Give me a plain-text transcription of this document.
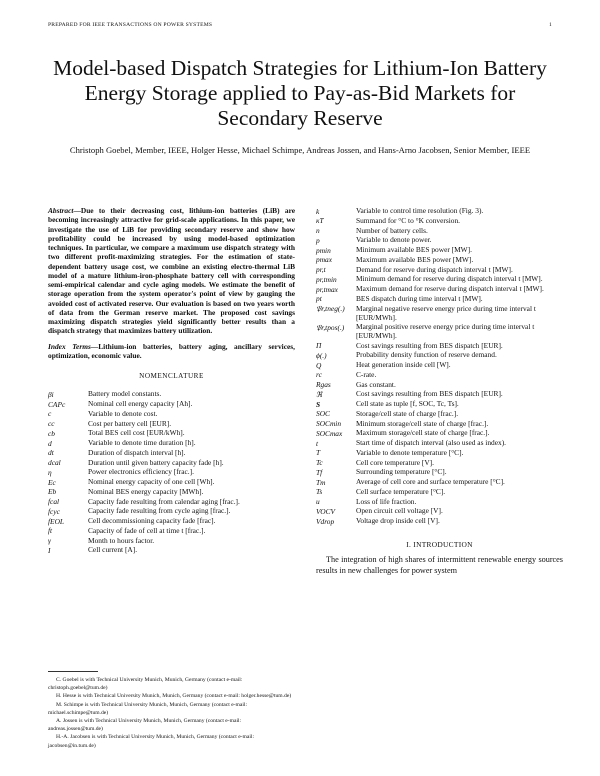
PREPARED FOR IEEE TRANSACTIONS ON POWER SYSTEMS	1
Model-based Dispatch Strategies for Lithium-Ion Battery Energy Storage applied to Pay-as-Bid Markets for Secondary Reserve
Christoph Goebel, Member, IEEE, Holger Hesse, Michael Schimpe, Andreas Jossen, and Hans-Arno Jacobsen, Senior Member, IEEE
Abstract—Due to their decreasing cost, lithium-ion batteries (LiB) are becoming increasingly attractive for grid-scale applications. In this paper, we investigate the use of LiB for providing secondary reserve and show how profitability could be increased by using model-based optimization techniques. In particular, we compare a maximum use dispatch strategy with two different profit-maximizing strategies. For the estimation of state-dependent battery usage cost, we combine an existing electro-thermal LiB model of a mature lithium-iron-phosphate battery cell with corresponding semi-empirical calendar and cycle aging models. We estimate the benefit of storage operation from the system operator's point of view by gauging the avoided cost of activated reserve. Our evaluation is based on two years worth of data from the German reserve market. The proposed cost savings maximizing dispatch strategies yield significantly better results than a dispatch strategy that maximizes battery utilization.
Index Terms—Lithium-ion batteries, battery aging, ancillary services, optimization, economic value.
NOMENCLATURE
βi	Battery model constants.
CAPc	Nominal cell energy capacity [Ah].
c	Variable to denote cost.
cc	Cost per battery cell [EUR].
cb	Total BES cell cost [EUR/kWh].
d	Variable to denote time duration [h].
dt	Duration of dispatch interval [h].
dcal	Duration until given battery capacity fade [h].
η	Power electronics efficiency [frac.].
Ec	Nominal energy capacity of one cell [Wh].
Eb	Nominal BES energy capacity [MWh].
fcal	Capacity fade resulting from calendar aging [frac.].
fcyc	Capacity fade resulting from cycle aging [frac.].
fEOL	Cell decommissioning capacity fade [frac].
ft	Capacity of fade of cell at time t [frac.].
γ	Month to hours factor.
I	Cell current [A].

C. Goebel is with Technical University Munich, Munich, Germany (contact e-mail: christoph.goebel@tum.de)

H. Hesse is with Technical University Munich, Munich, Germany (contact e-mail: holger.hesse@tum.de)

M. Schimpe is with Technical University Munich, Munich, Germany (contact e-mail: michael.schimpe@tum.de)

A. Jossen is with Technical University Munich, Munich, Germany (contact e-mail: andreas.jossen@tum.de)

H.-A. Jacobsen is with Technical University Munich, Munich, Germany (contact e-mail: jacobsen@in.tum.de)

k	Variable to control time resolution (Fig. 3).
κT	Summand for °C to °K conversion.
n	Number of battery cells.
p	Variable to denote power.
pmin	Minimum available BES power [MW].
pmax	Maximum available BES power [MW].
pr,t	Demand for reserve during dispatch interval t [MW].
pr,tmin	Minimum demand for reserve during dispatch interval t [MW].
pr,tmax	Maximum demand for reserve during dispatch interval t [MW].
pt	BES dispatch during time interval t [MW].
𝔓r,tneg(.)	Marginal negative reserve energy price during time interval t [EUR/MWh].
𝔓r,tpos(.)	Marginal positive reserve energy price during time interval t [EUR/MWh].
Π	Cost savings resulting from BES dispatch [EUR].
ϕ(.)	Probability density function of reserve demand.
Q	Heat generation inside cell [W].
rc	C-rate.
Rgas	Gas constant.
ℜ	Cost savings resulting from BES dispatch [EUR].
S	Cell state as tuple [f, SOC, Tc, Ts].
SOC	Storage/cell state of charge [frac.].
SOCmin	Minimum storage/cell state of charge [frac.].
SOCmax	Maximum storage/cell state of charge [frac.].
t	Start time of dispatch interval (also used as index).
T	Variable to denote temperature [°C].
Tc	Cell core temperature [V].
Tf	Surrounding temperature [°C].
Tm	Average of cell core and surface temperature [°C].
Ts	Cell surface temperature [°C].
u	Loss of life fraction.
VOCV	Open circuit cell voltage [V].
Vdrop	Voltage drop inside cell [V].
I. INTRODUCTION
The integration of high shares of intermittent renewable energy sources results in new challenges for power system
